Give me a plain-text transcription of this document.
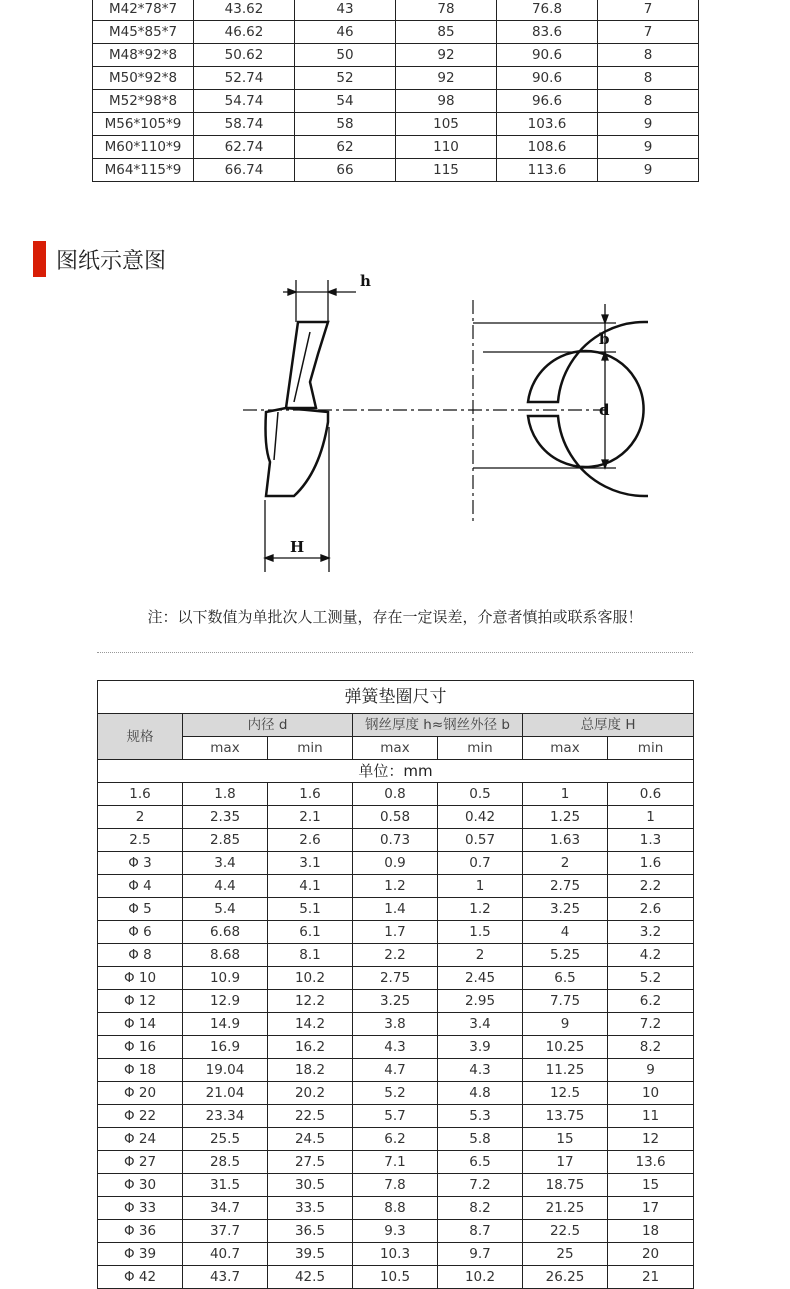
M42*78*7	43.62	43	78	76.8	7
M45*85*7	46.62	46	85	83.6	7
M48*92*8	50.62	50	92	90.6	8
M50*92*8	52.74	52	92	90.6	8
M52*98*8	54.74	54	98	96.6	8
M56*105*9	58.74	58	105	103.6	9
M60*110*9	62.74	62	110	108.6	9
M64*115*9	66.74	66	115	113.6	9
图纸示意图
h
b
d
H
注：以下数值为单批次人工测量，存在一定误差，介意者慎拍或联系客服！
弹簧垫圈尺寸						
规格	内径 d		钢丝厚度 h≈钢丝外径 b		总厚度 H	
	max	min	max	min	max	min
单位：mm						
1.6	1.8	1.6	0.8	0.5	1	0.6
2	2.35	2.1	0.58	0.42	1.25	1
2.5	2.85	2.6	0.73	0.57	1.63	1.3
Φ 3	3.4	3.1	0.9	0.7	2	1.6
Φ 4	4.4	4.1	1.2	1	2.75	2.2
Φ 5	5.4	5.1	1.4	1.2	3.25	2.6
Φ 6	6.68	6.1	1.7	1.5	4	3.2
Φ 8	8.68	8.1	2.2	2	5.25	4.2
Φ 10	10.9	10.2	2.75	2.45	6.5	5.2
Φ 12	12.9	12.2	3.25	2.95	7.75	6.2
Φ 14	14.9	14.2	3.8	3.4	9	7.2
Φ 16	16.9	16.2	4.3	3.9	10.25	8.2
Φ 18	19.04	18.2	4.7	4.3	11.25	9
Φ 20	21.04	20.2	5.2	4.8	12.5	10
Φ 22	23.34	22.5	5.7	5.3	13.75	11
Φ 24	25.5	24.5	6.2	5.8	15	12
Φ 27	28.5	27.5	7.1	6.5	17	13.6
Φ 30	31.5	30.5	7.8	7.2	18.75	15
Φ 33	34.7	33.5	8.8	8.2	21.25	17
Φ 36	37.7	36.5	9.3	8.7	22.5	18
Φ 39	40.7	39.5	10.3	9.7	25	20
Φ 42	43.7	42.5	10.5	10.2	26.25	21
